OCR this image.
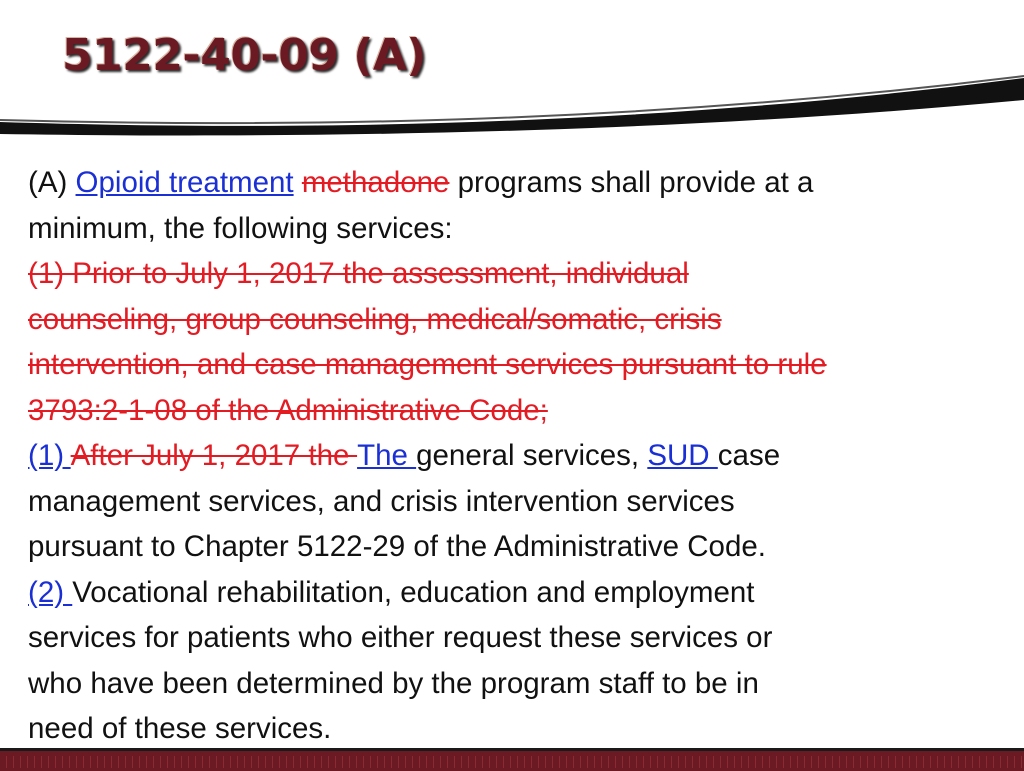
5122-40-09 (A)

(A) Opioid treatment methadone programs shall provide at a

minimum, the following services:

(1) Prior to July 1, 2017 the assessment, individual

counseling, group counseling, medical/somatic, crisis

intervention, and case management services pursuant to rule

3793:2-1-08 of the Administrative Code;

(1) After July 1, 2017 the The general services, SUD case

management services, and crisis intervention services

pursuant to Chapter 5122-29 of the Administrative Code.

(2) Vocational rehabilitation, education and employment

services for patients who either request these services or

who have been determined by the program staff to be in

need of these services.
